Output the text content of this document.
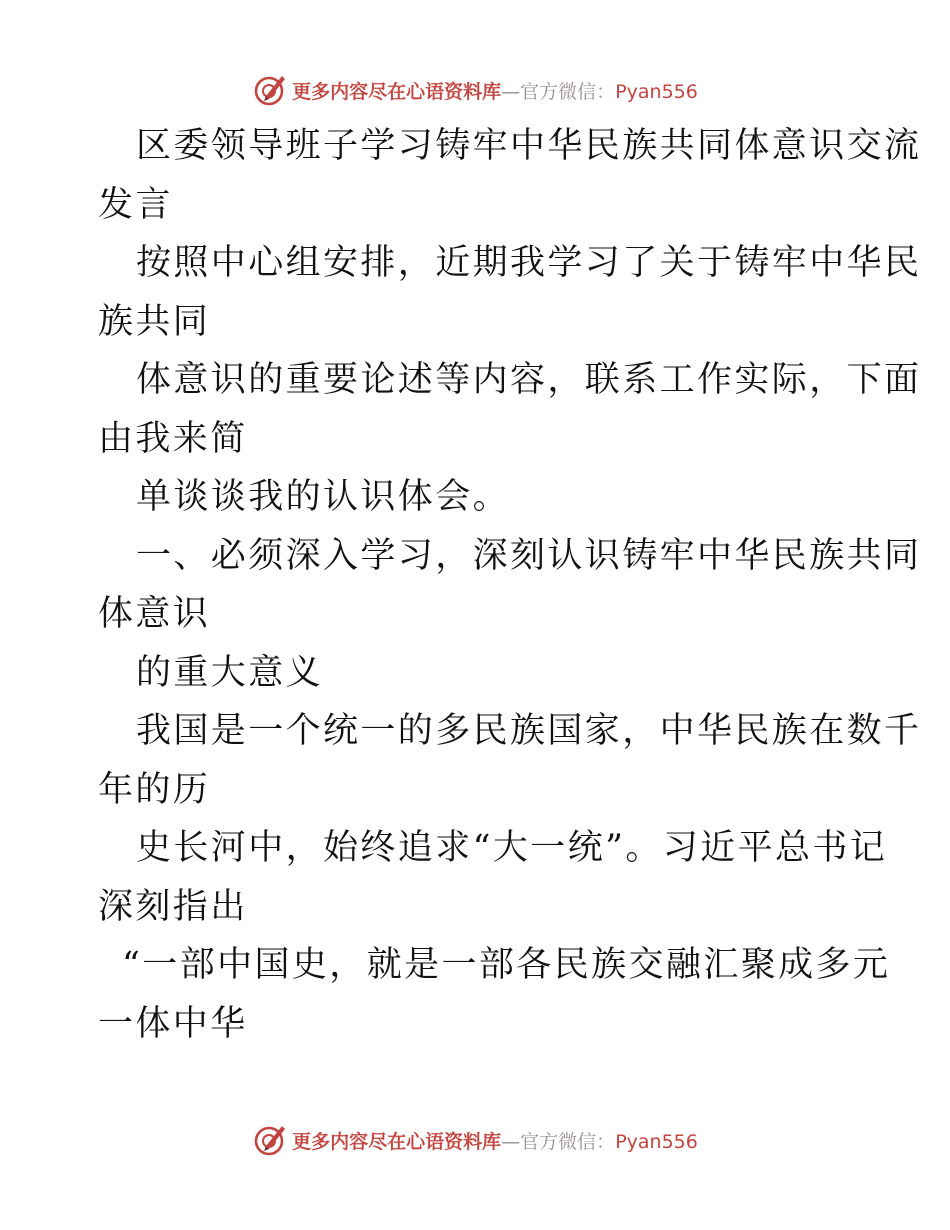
更多内容尽在心语资料库—官方微信：Pyan556
区委领导班子学习铸牢中华民族共同体意识交流
发言
按照中心组安排，近期我学习了关于铸牢中华民
族共同
体意识的重要论述等内容，联系工作实际，下面
由我来简
单谈谈我的认识体会。
一、必须深入学习，深刻认识铸牢中华民族共同
体意识
的重大意义
我国是一个统一的多民族国家，中华民族在数千
年的历
史长河中，始终追求“大一统”。习近平总书记
深刻指出
“一部中国史，就是一部各民族交融汇聚成多元
一体中华
更多内容尽在心语资料库—官方微信：Pyan556
